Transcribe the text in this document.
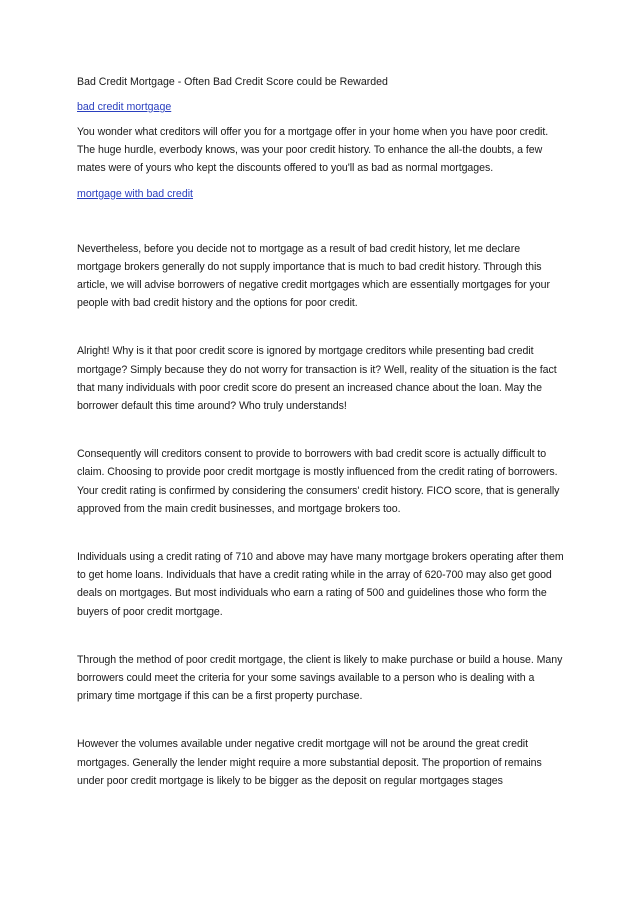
Bad Credit Mortgage - Often Bad Credit Score could be Rewarded

bad credit mortgage

You wonder what creditors will offer you for a mortgage offer in your home when you have poor credit. The huge hurdle, everbody knows, was your poor credit history. To enhance the all-the doubts, a few mates were of yours who kept the discounts offered to you'll as bad as normal mortgages.

mortgage with bad credit

Nevertheless, before you decide not to mortgage as a result of bad credit history, let me declare mortgage brokers generally do not supply importance that is much to bad credit history. Through this article, we will advise borrowers of negative credit mortgages which are essentially mortgages for your people with bad credit history and the options for poor credit.

Alright! Why is it that poor credit score is ignored by mortgage creditors while presenting bad credit mortgage? Simply because they do not worry for transaction is it? Well, reality of the situation is the fact that many individuals with poor credit score do present an increased chance about the loan. May the borrower default this time around? Who truly understands!

Consequently will creditors consent to provide to borrowers with bad credit score is actually difficult to claim. Choosing to provide poor credit mortgage is mostly influenced from the credit rating of borrowers. Your credit rating is confirmed by considering the consumers' credit history. FICO score, that is generally approved from the main credit businesses, and mortgage brokers too.

Individuals using a credit rating of 710 and above may have many mortgage brokers operating after them to get home loans. Individuals that have a credit rating while in the array of 620-700 may also get good deals on mortgages. But most individuals who earn a rating of 500 and guidelines those who form the buyers of poor credit mortgage.

Through the method of poor credit mortgage, the client is likely to make purchase or build a house. Many borrowers could meet the criteria for your some savings available to a person who is dealing with a primary time mortgage if this can be a first property purchase.

However the volumes available under negative credit mortgage will not be around the great credit mortgages. Generally the lender might require a more substantial deposit. The proportion of remains under poor credit mortgage is likely to be bigger as the deposit on regular mortgages stages
